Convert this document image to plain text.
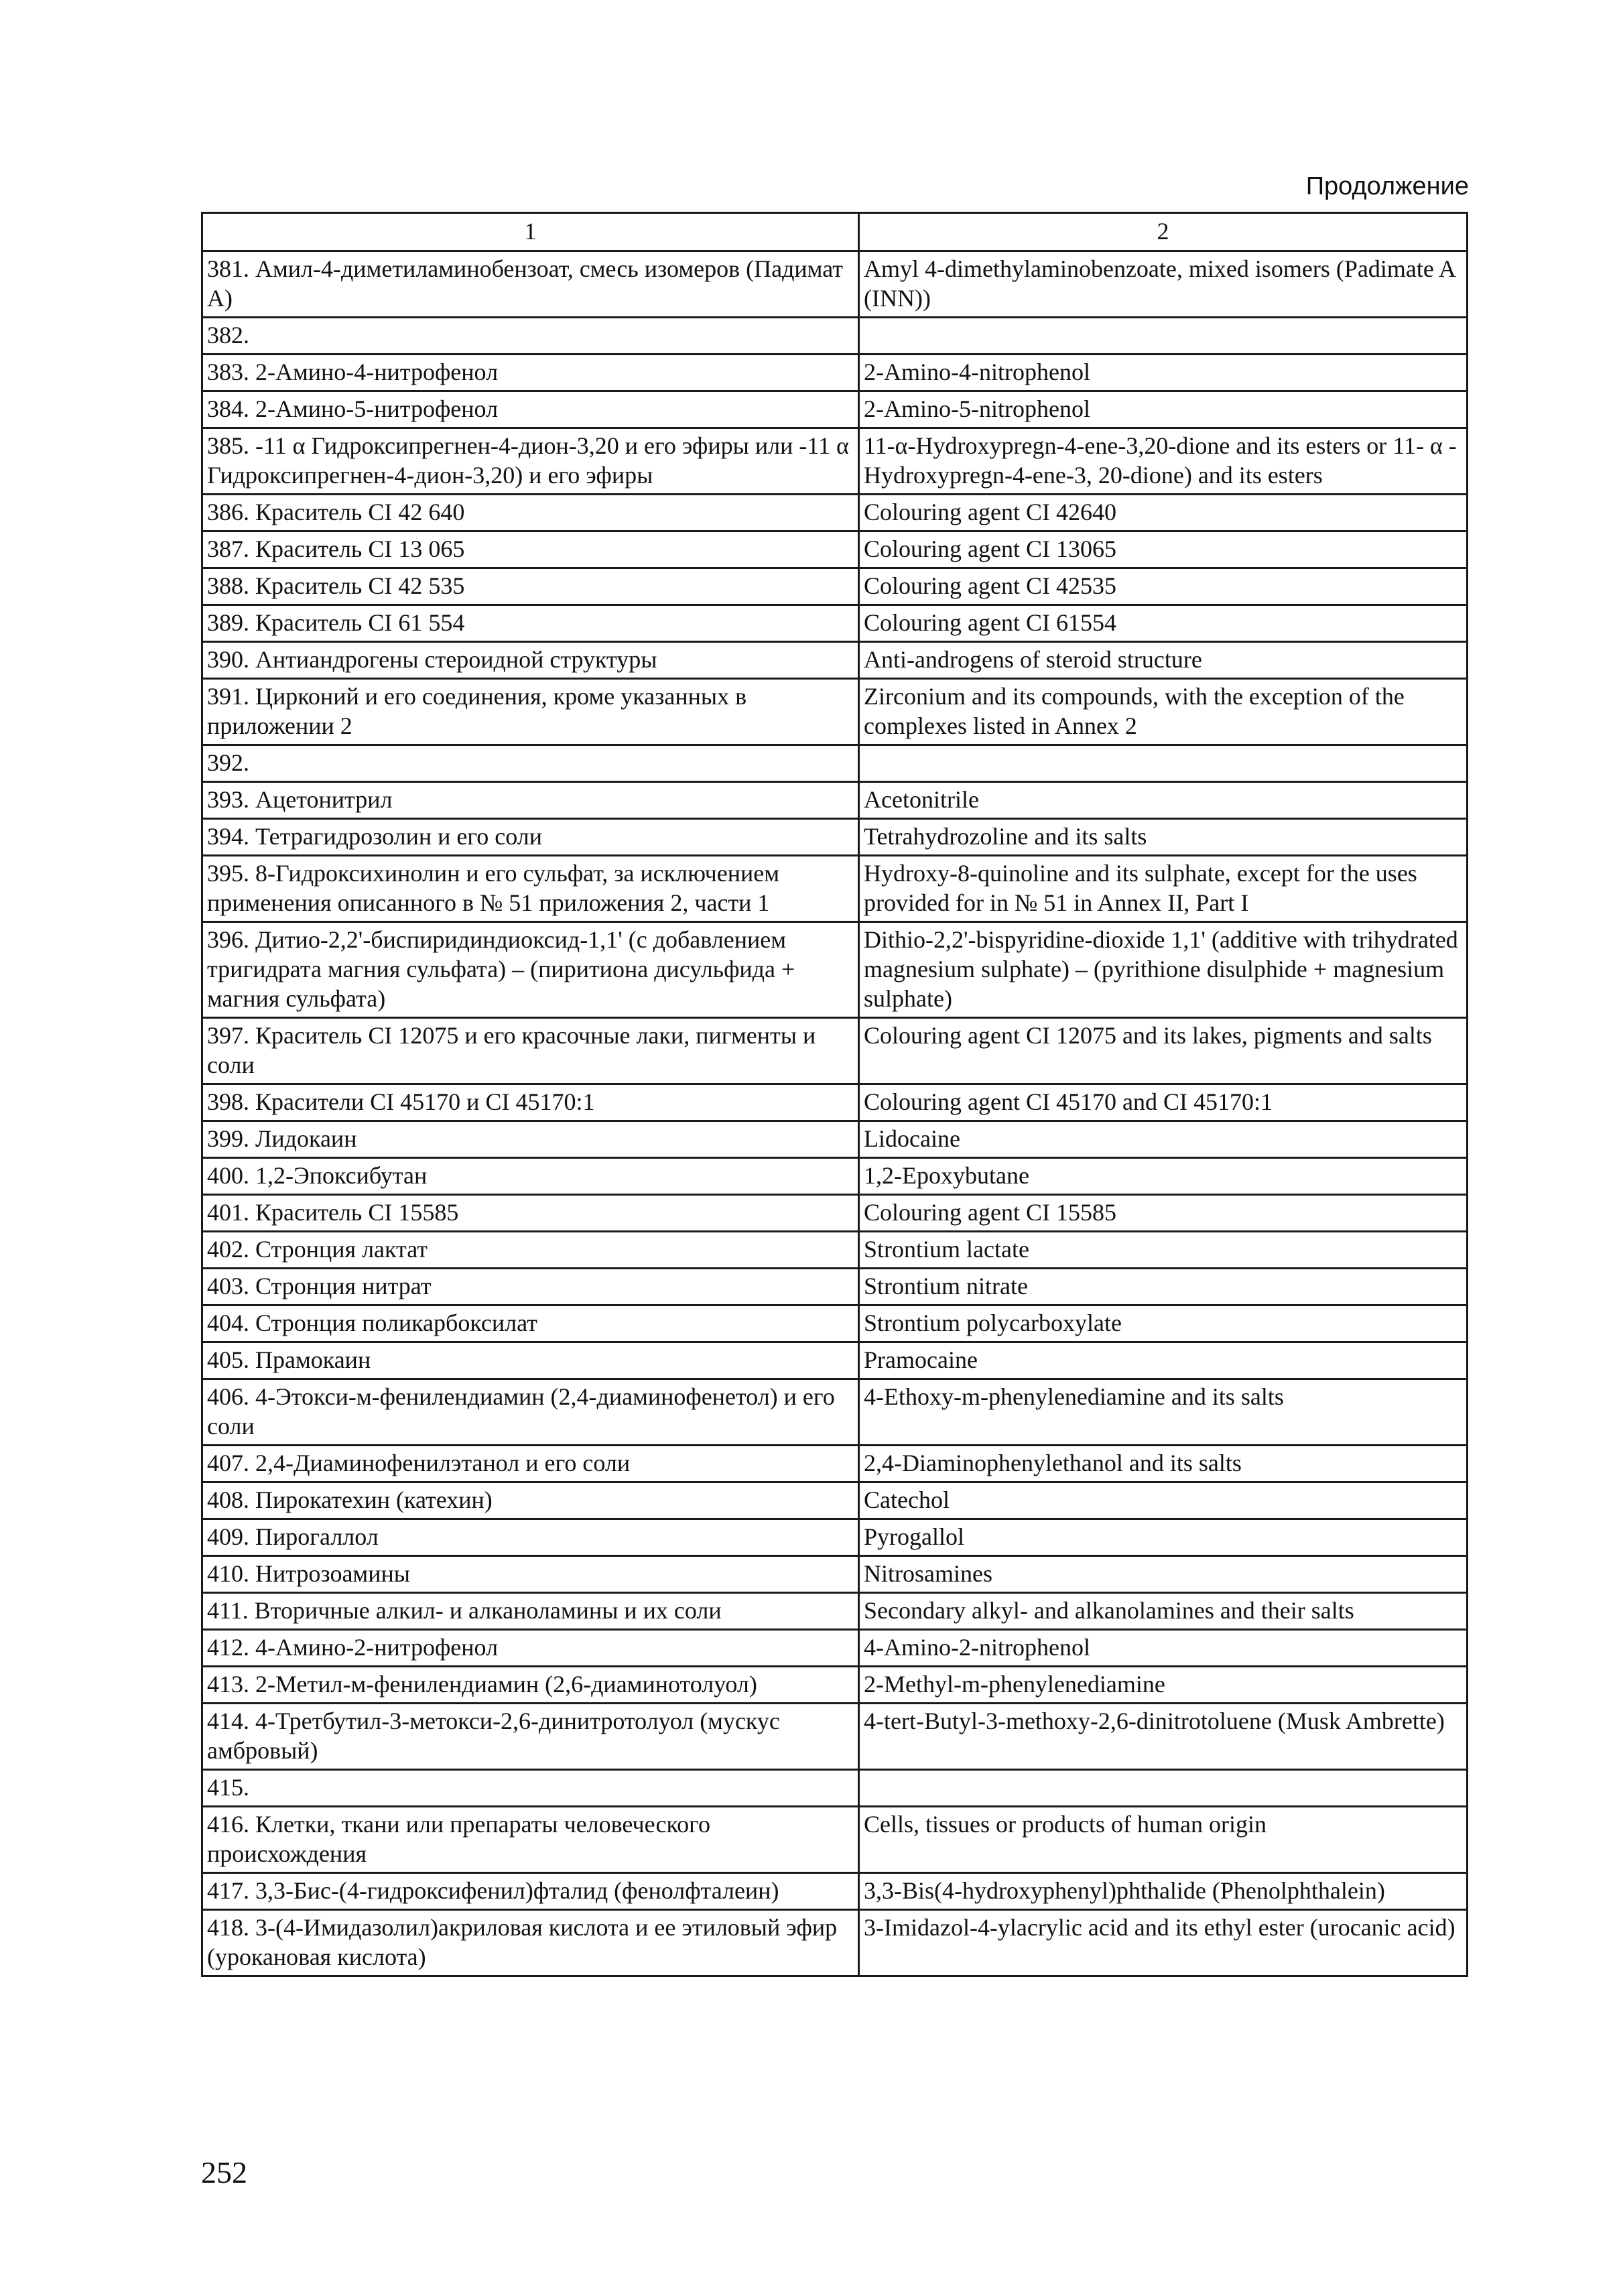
Продолжение
1	2
381. Амил-4-диметиламинобензоат, смесь изомеров (Падимат А)	Amyl 4-dimethylaminobenzoate, mixed isomers (Padimate A (INN))
382.	
383. 2-Амино-4-нитрофенол	2-Amino-4-nitrophenol
384. 2-Амино-5-нитрофенол	2-Amino-5-nitrophenol
385. -11 α Гидроксипрегнен-4-дион-3,20 и его эфиры или -11 α Гидроксипрегнен-4-дион-3,20) и его эфиры	11-α-Hydroxypregn-4-ene-3,20-dione and its esters or 11- α -Hydroxypregn-4-ene-3, 20-dione) and its esters
386. Краситель CI 42 640	Colouring agent CI 42640
387. Краситель CI 13 065	Colouring agent CI 13065
388. Краситель CI 42 535	Colouring agent CI 42535
389. Краситель CI 61 554	Colouring agent CI 61554
390. Антиандрогены стероидной структуры	Anti-androgens of steroid structure
391. Цирконий и его соединения, кроме указанных в приложении 2	Zirconium and its compounds, with the exception of the complexes listed in Annex 2
392.	
393. Ацетонитрил	Acetonitrile
394. Тетрагидрозолин и его соли	Tetrahydrozoline and its salts
395. 8-Гидроксихинолин и его сульфат, за исключением применения описанного в № 51 приложения 2, части 1	Hydroxy-8-quinoline and its sulphate, except for the uses provided for in № 51 in Annex II, Part I
396. Дитио-2,2'-биспиридиндиоксид-1,1' (с добавлением тригидрата магния сульфата) – (пиритиона дисульфида + магния сульфата)	Dithio-2,2'-bispyridine-dioxide 1,1' (additive with trihydrated magnesium sulphate) – (pyrithione disulphide + magnesium sulphate)
397. Краситель CI 12075 и его красочные лаки, пигменты и соли	Colouring agent CI 12075 and its lakes, pigments and salts
398. Красители CI 45170 и CI 45170:1	Colouring agent CI 45170 and CI 45170:1
399. Лидокаин	Lidocaine
400. 1,2-Эпоксибутан	1,2-Epoxybutane
401. Краситель CI 15585	Colouring agent CI 15585
402. Стронция лактат	Strontium lactate
403. Стронция нитрат	Strontium nitrate
404. Стронция поликарбоксилат	Strontium polycarboxylate
405. Прамокаин	Pramocaine
406. 4-Этокси-м-фенилендиамин (2,4-диаминофенетол) и его соли	4-Ethoxy-m-phenylenediamine and its salts
407. 2,4-Диаминофенилэтанол и его соли	2,4-Diaminophenylethanol and its salts
408. Пирокатехин (катехин)	Catechol
409. Пирогаллол	Pyrogallol
410. Нитрозоамины	Nitrosamines
411. Вторичные алкил- и алканоламины и их соли	Secondary alkyl- and alkanolamines and their salts
412. 4-Амино-2-нитрофенол	4-Amino-2-nitrophenol
413. 2-Метил-м-фенилендиамин (2,6-диаминотолуол)	2-Methyl-m-phenylenediamine
414. 4-Третбутил-3-метокси-2,6-динитротолуол (мускус амбровый)	4-tert-Butyl-3-methoxy-2,6-dinitrotoluene (Musk Ambrette)
415.	
416. Клетки, ткани или препараты человеческого происхождения	Cells, tissues or products of human origin
417. 3,3-Бис-(4-гидроксифенил)фталид (фенолфталеин)	3,3-Bis(4-hydroxyphenyl)phthalide (Phenolphthalein)
418. 3-(4-Имидазолил)акриловая кислота и ее этиловый эфир (урокановая кислота)	3-Imidazol-4-ylacrylic acid and its ethyl ester (urocanic acid)
252
